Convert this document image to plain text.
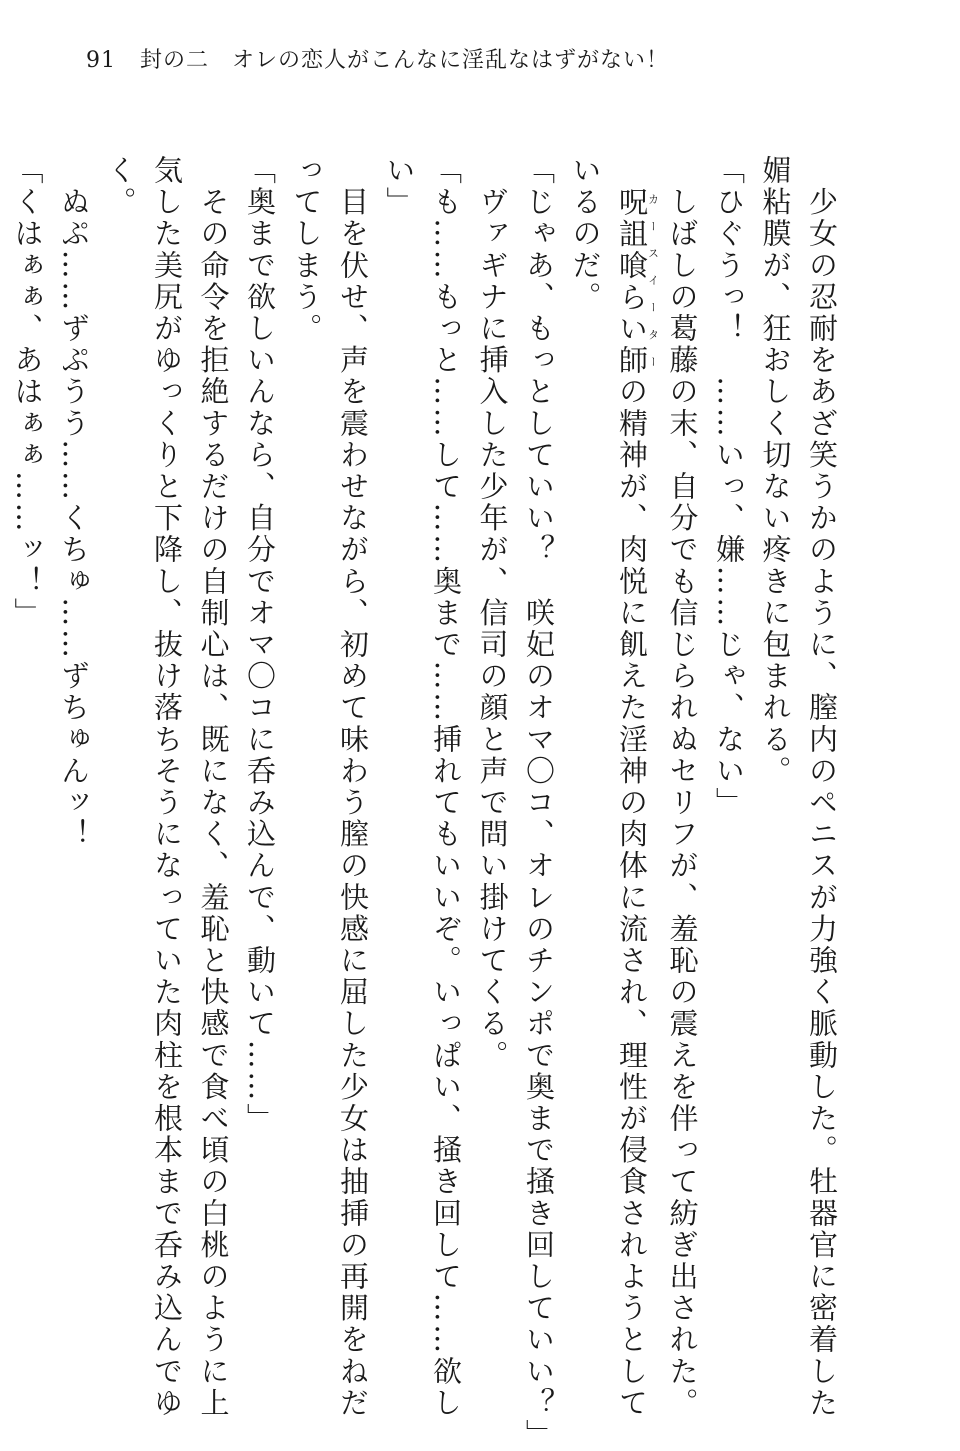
91 封の二　オレの恋人がこんなに淫乱なはずがない！
　少女の忍耐をあざ笑うかのように、膣内のペニスが力強く脈動した。牡器官に密着した
媚粘膜が、狂おしく切ない疼きに包まれる。
「ひぐうっ！　……いっ、嫌……じゃ、ない」
　しばしの葛藤の末、自分でも信じられぬセリフが、羞恥の震えを伴って紡ぎ出された。
　呪詛喰らい師カースイーターの精神が、肉悦に飢えた淫神の肉体に流され、理性が侵食されようとして
いるのだ。
「じゃあ、もっとしていい？　咲妃のオマ〇コ、オレのチンポで奥まで掻き回していい？」
　ヴァギナに挿入した少年が、信司の顔と声で問い掛けてくる。
「も……もっと……して……奥まで……挿れてもいいぞ。いっぱい、掻き回して……欲し
い」
　目を伏せ、声を震わせながら、初めて味わう膣の快感に屈した少女は抽挿の再開をねだ
ってしまう。
「奥まで欲しいんなら、自分でオマ〇コに呑み込んで、動いて……」
　その命令を拒絶するだけの自制心は、既になく、羞恥と快感で食べ頃の白桃のように上
気した美尻がゆっくりと下降し、抜け落ちそうになっていた肉柱を根本まで呑み込んでゆ
く。
　ぬぷ……ずぷうう……くちゅ……ずちゅんッ！
「くはぁぁ、あはぁぁ……ッ！」
